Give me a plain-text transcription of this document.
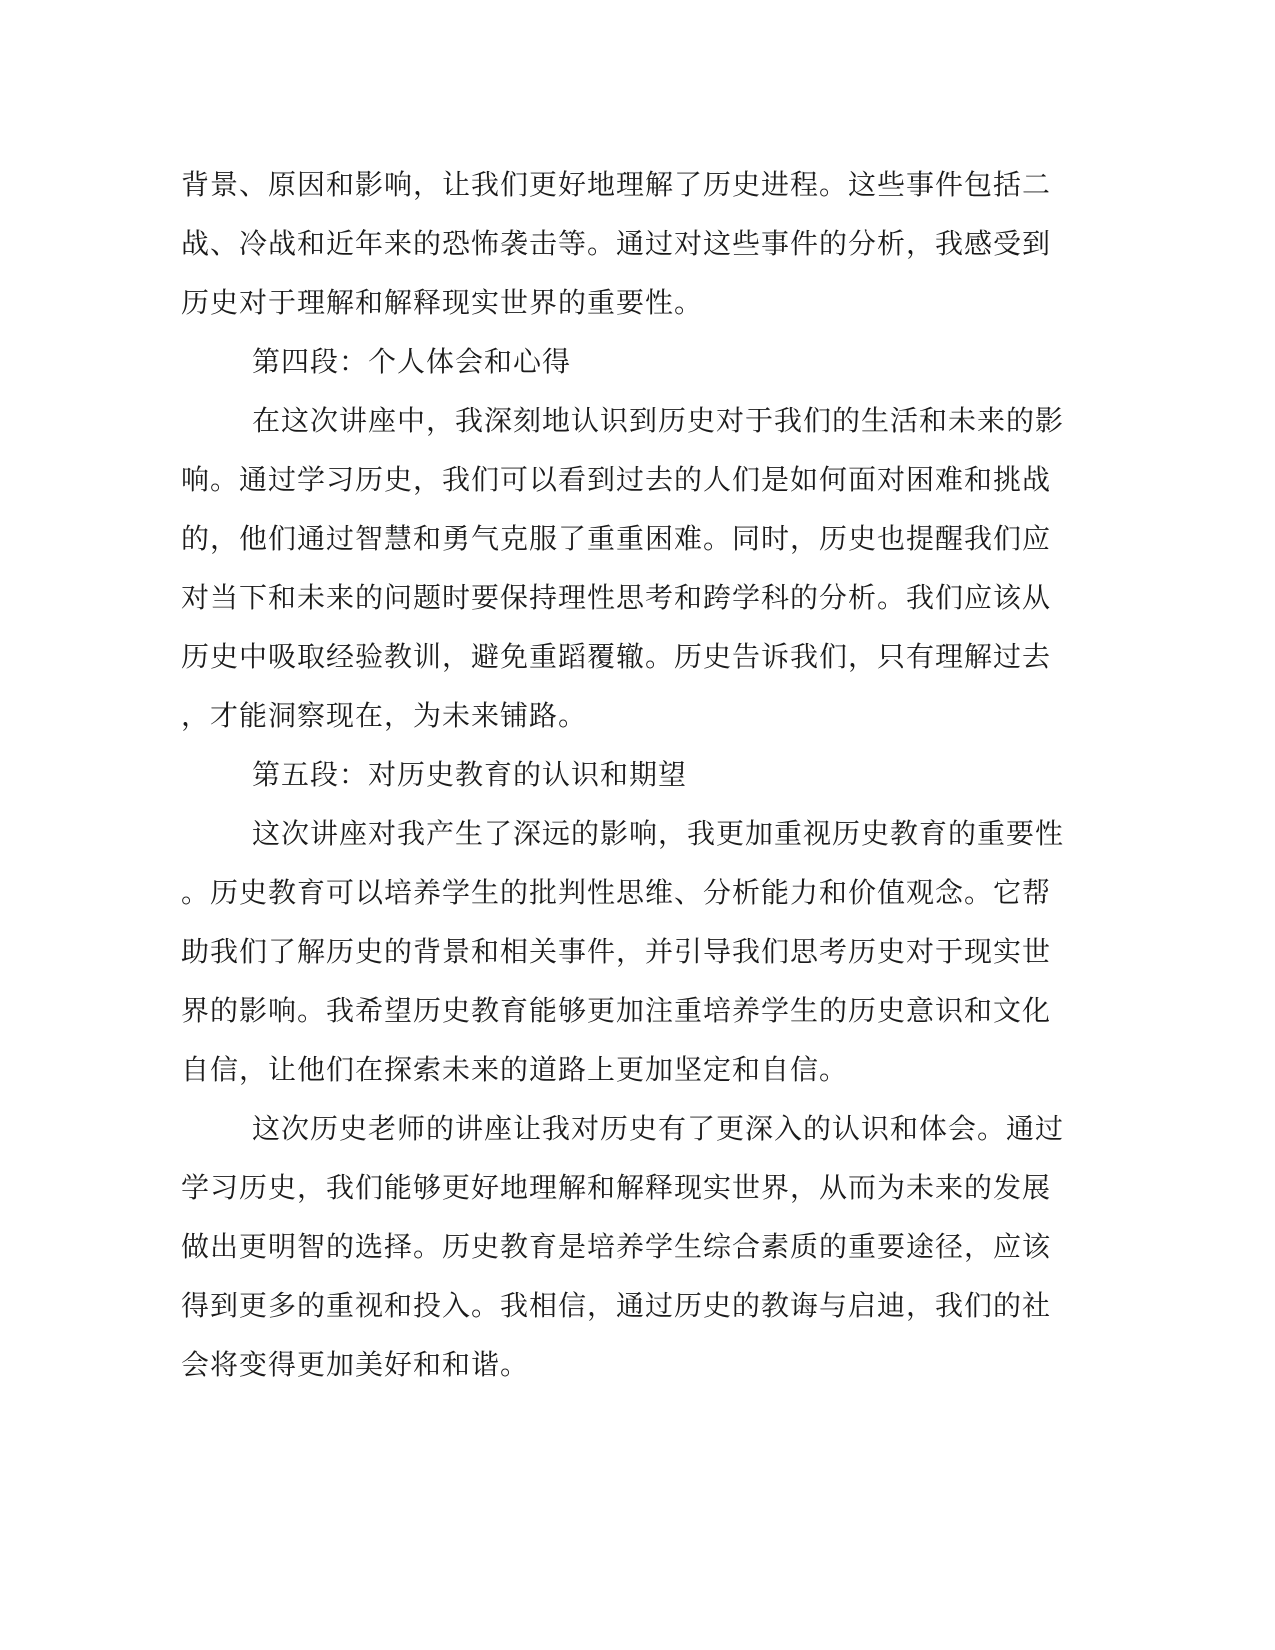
背景、原因和影响，让我们更好地理解了历史进程。这些事件包括二
战、冷战和近年来的恐怖袭击等。通过对这些事件的分析，我感受到
历史对于理解和解释现实世界的重要性。
第四段：个人体会和心得
在这次讲座中，我深刻地认识到历史对于我们的生活和未来的影
响。通过学习历史，我们可以看到过去的人们是如何面对困难和挑战
的，他们通过智慧和勇气克服了重重困难。同时，历史也提醒我们应
对当下和未来的问题时要保持理性思考和跨学科的分析。我们应该从
历史中吸取经验教训，避免重蹈覆辙。历史告诉我们，只有理解过去
，才能洞察现在，为未来铺路。
第五段：对历史教育的认识和期望
这次讲座对我产生了深远的影响，我更加重视历史教育的重要性
。历史教育可以培养学生的批判性思维、分析能力和价值观念。它帮
助我们了解历史的背景和相关事件，并引导我们思考历史对于现实世
界的影响。我希望历史教育能够更加注重培养学生的历史意识和文化
自信，让他们在探索未来的道路上更加坚定和自信。
这次历史老师的讲座让我对历史有了更深入的认识和体会。通过
学习历史，我们能够更好地理解和解释现实世界，从而为未来的发展
做出更明智的选择。历史教育是培养学生综合素质的重要途径，应该
得到更多的重视和投入。我相信，通过历史的教诲与启迪，我们的社
会将变得更加美好和和谐。
